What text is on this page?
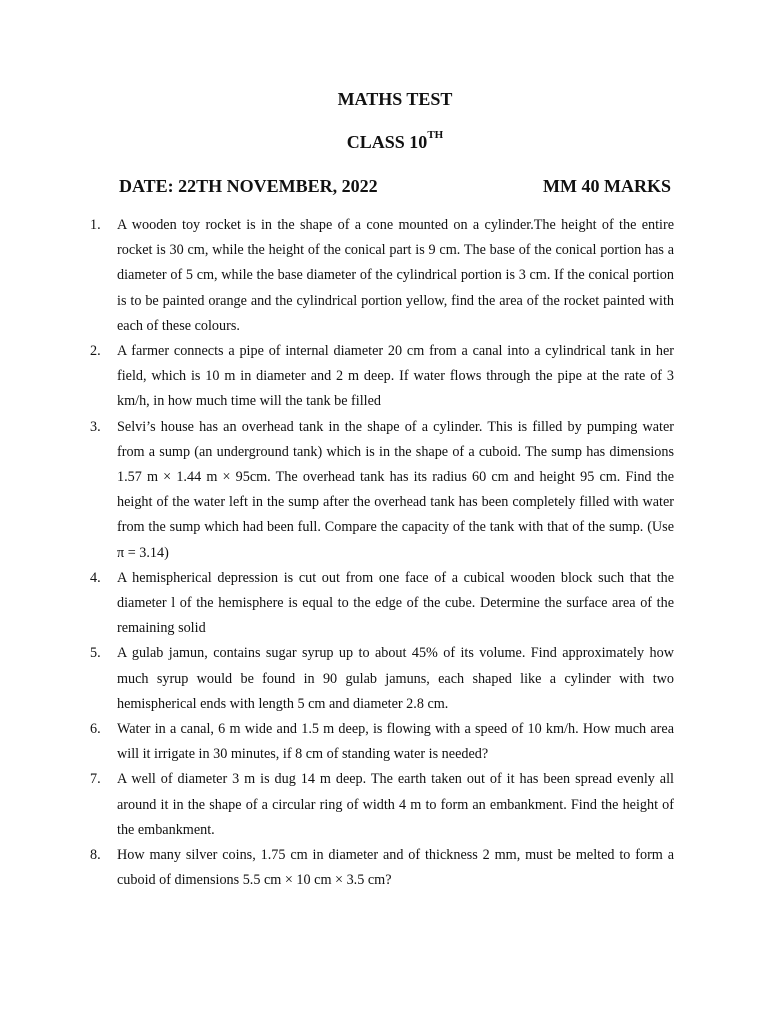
MATHS TEST
CLASS 10TH
DATE: 22TH NOVEMBER, 2022	MM 40 MARKS
1. A wooden toy rocket is in the shape of a cone mounted on a cylinder.The height of the entire rocket is 30 cm, while the height of the conical part is 9 cm. The base of the conical portion has a diameter of 5 cm, while the base diameter of the cylindrical portion is 3 cm. If the conical portion is to be painted orange and the cylindrical portion yellow, find the area of the rocket painted with each of these colours.
2. A farmer connects a pipe of internal diameter 20 cm from a canal into a cylindrical tank in her field, which is 10 m in diameter and 2 m deep. If water flows through the pipe at the rate of 3 km/h, in how much time will the tank be filled
3. Selvi’s house has an overhead tank in the shape of a cylinder. This is filled by pumping water from a sump (an underground tank) which is in the shape of a cuboid. The sump has dimensions 1.57 m × 1.44 m × 95cm. The overhead tank has its radius 60 cm and height 95 cm. Find the height of the water left in the sump after the overhead tank has been completely filled with water from the sump which had been full. Compare the capacity of the tank with that of the sump. (Use π = 3.14)
4. A hemispherical depression is cut out from one face of a cubical wooden block such that the diameter l of the hemisphere is equal to the edge of the cube. Determine the surface area of the remaining solid
5. A gulab jamun, contains sugar syrup up to about 45% of its volume. Find approximately how much syrup would be found in 90 gulab jamuns, each shaped like a cylinder with two hemispherical ends with length 5 cm and diameter 2.8 cm.
6. Water in a canal, 6 m wide and 1.5 m deep, is flowing with a speed of 10 km/h. How much area will it irrigate in 30 minutes, if 8 cm of standing water is needed?
7. A well of diameter 3 m is dug 14 m deep. The earth taken out of it has been spread evenly all around it in the shape of a circular ring of width 4 m to form an embankment. Find the height of the embankment.
8. How many silver coins, 1.75 cm in diameter and of thickness 2 mm, must be melted to form a cuboid of dimensions 5.5 cm × 10 cm × 3.5 cm?
